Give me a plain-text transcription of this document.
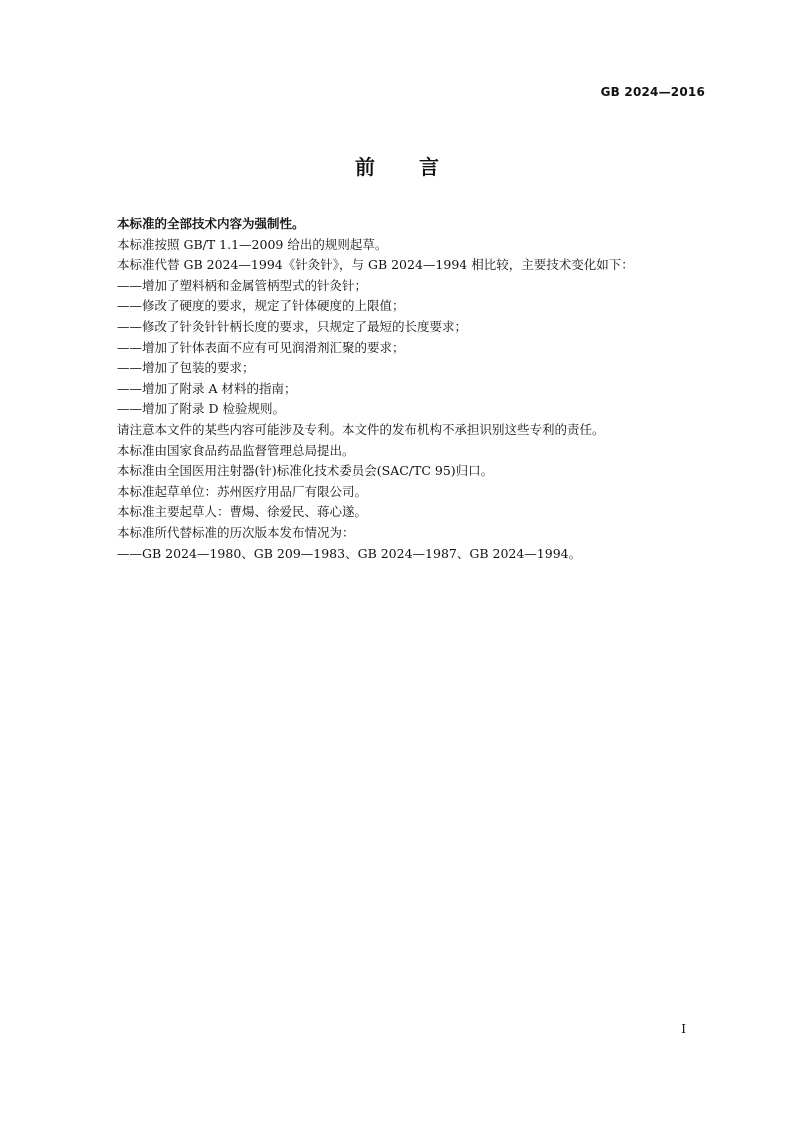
GB 2024—2016
前 言
本标准的全部技术内容为强制性。
本标准按照 GB/T 1.1—2009 给出的规则起草。
本标准代替 GB 2024—1994《针灸针》，与 GB 2024—1994 相比较，主要技术变化如下：
——增加了塑料柄和金属管柄型式的针灸针；
——修改了硬度的要求，规定了针体硬度的上限值；
——修改了针灸针针柄长度的要求，只规定了最短的长度要求；
——增加了针体表面不应有可见润滑剂汇聚的要求；
——增加了包装的要求；
——增加了附录 A 材料的指南；
——增加了附录 D 检验规则。
请注意本文件的某些内容可能涉及专利。本文件的发布机构不承担识别这些专利的责任。
本标准由国家食品药品监督管理总局提出。
本标准由全国医用注射器(针)标准化技术委员会(SAC/TC 95)归口。
本标准起草单位：苏州医疗用品厂有限公司。
本标准主要起草人：曹煬、徐爱民、蒋心遂。
本标准所代替标准的历次版本发布情况为：
——GB 2024—1980、GB 209—1983、GB 2024—1987、GB 2024—1994。
I
